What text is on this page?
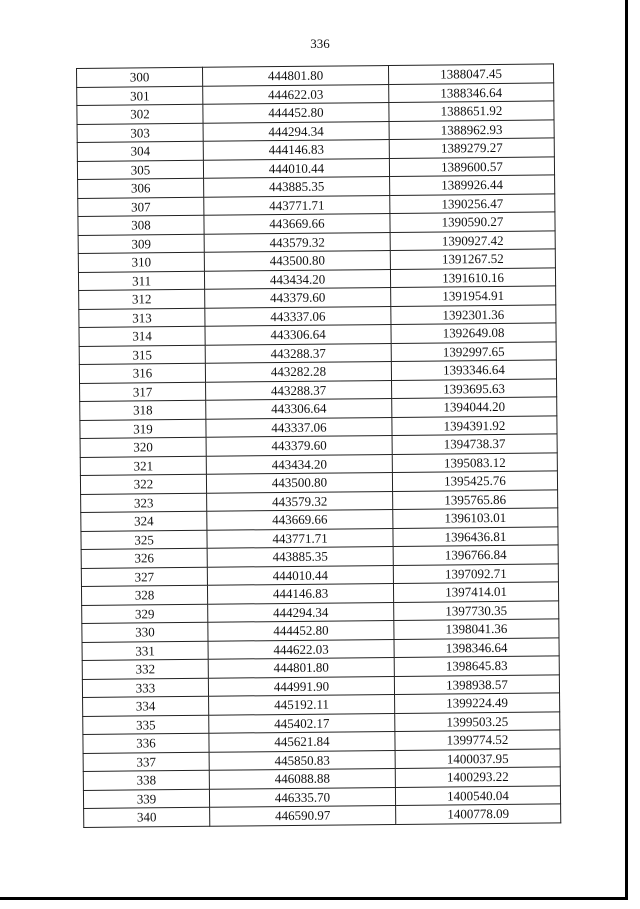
336
300	444801.80	1388047.45
301	444622.03	1388346.64
302	444452.80	1388651.92
303	444294.34	1388962.93
304	444146.83	1389279.27
305	444010.44	1389600.57
306	443885.35	1389926.44
307	443771.71	1390256.47
308	443669.66	1390590.27
309	443579.32	1390927.42
310	443500.80	1391267.52
311	443434.20	1391610.16
312	443379.60	1391954.91
313	443337.06	1392301.36
314	443306.64	1392649.08
315	443288.37	1392997.65
316	443282.28	1393346.64
317	443288.37	1393695.63
318	443306.64	1394044.20
319	443337.06	1394391.92
320	443379.60	1394738.37
321	443434.20	1395083.12
322	443500.80	1395425.76
323	443579.32	1395765.86
324	443669.66	1396103.01
325	443771.71	1396436.81
326	443885.35	1396766.84
327	444010.44	1397092.71
328	444146.83	1397414.01
329	444294.34	1397730.35
330	444452.80	1398041.36
331	444622.03	1398346.64
332	444801.80	1398645.83
333	444991.90	1398938.57
334	445192.11	1399224.49
335	445402.17	1399503.25
336	445621.84	1399774.52
337	445850.83	1400037.95
338	446088.88	1400293.22
339	446335.70	1400540.04
340	446590.97	1400778.09
